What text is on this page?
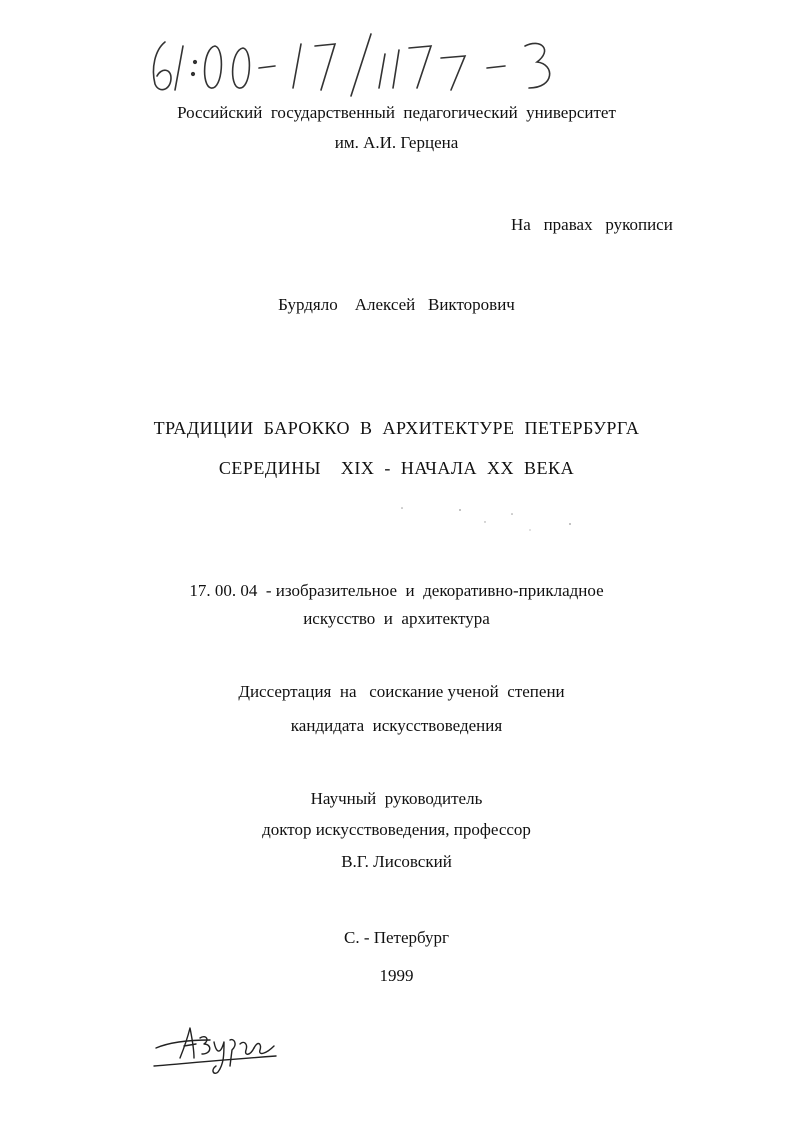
Российский  государственный  педагогический  университет
им. А.И. Герцена
На   правах   рукописи
Бурдяло    Алексей   Викторович
ТРАДИЦИИ  БАРОККО  В  АРХИТЕКТУРЕ  ПЕТЕРБУРГА
СЕРЕДИНЫ    XIX  -  НАЧАЛА  XX  ВЕКА
17. 00. 04  - изобразительное  и  декоративно-прикладное
искусство  и  архитектура
Диссертация  на   соискание ученой  степени
кандидата  искусствоведения
Научный  руководитель
доктор искусствоведения, профессор
В.Г. Лисовский
С. - Петербург
1999
